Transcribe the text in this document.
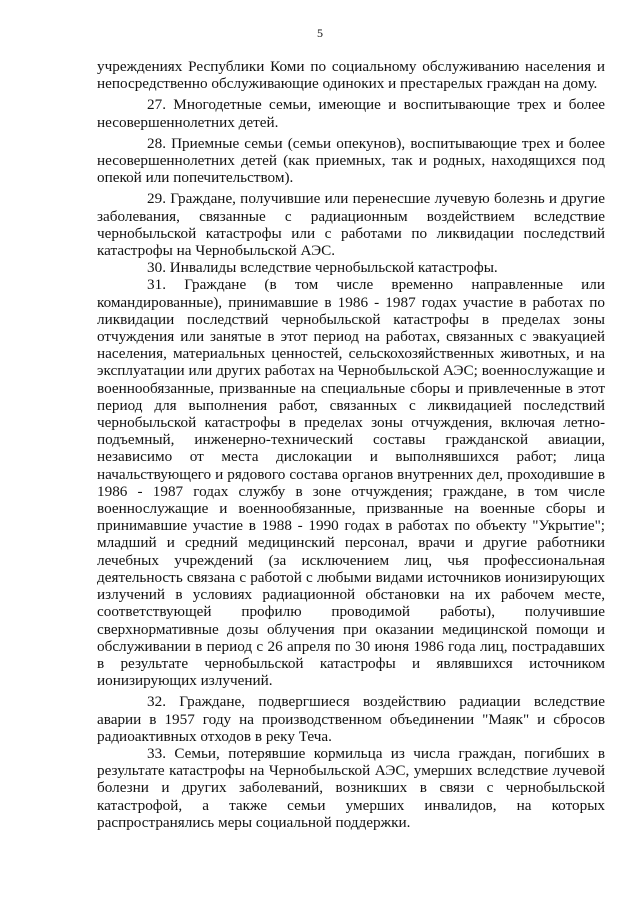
5

учреждениях Республики Коми по социальному обслуживанию населения и непосредственно обслуживающие одиноких и престарелых граждан на дому.

27. Многодетные семьи, имеющие и воспитывающие трех и более несовершеннолетних детей.

28. Приемные семьи (семьи опекунов), воспитывающие трех и более несовершеннолетних детей (как приемных, так и родных, находящихся под опекой или попечительством).

29. Граждане, получившие или перенесшие лучевую болезнь и другие заболевания, связанные с радиационным воздействием вследствие чернобыльской катастрофы или с работами по ликвидации последствий катастрофы на Чернобыльской АЭС.

30. Инвалиды вследствие чернобыльской катастрофы.

31. Граждане (в том числе временно направленные или командированные), принимавшие в 1986 - 1987 годах участие в работах по ликвидации последствий чернобыльской катастрофы в пределах зоны отчуждения или занятые в этот период на работах, связанных с эвакуацией населения, материальных ценностей, сельскохозяйственных животных, и на эксплуатации или других работах на Чернобыльской АЭС; военнослужащие и военнообязанные, призванные на специальные сборы и привлеченные в этот период для выполнения работ, связанных с ликвидацией последствий чернобыльской катастрофы в пределах зоны отчуждения, включая летно-подъемный, инженерно-технический составы гражданской авиации, независимо от места дислокации и выполнявшихся работ; лица начальствующего и рядового состава органов внутренних дел, проходившие в 1986 - 1987 годах службу в зоне отчуждения; граждане, в том числе военнослужащие и военнообязанные, призванные на военные сборы и принимавшие участие в 1988 - 1990 годах в работах по объекту "Укрытие"; младший и средний медицинский персонал, врачи и другие работники лечебных учреждений (за исключением лиц, чья профессиональная деятельность связана с работой с любыми видами источников ионизирующих излучений в условиях радиационной обстановки на их рабочем месте, соответствующей профилю проводимой работы), получившие сверхнормативные дозы облучения при оказании медицинской помощи и обслуживании в период с 26 апреля по 30 июня 1986 года лиц, пострадавших в результате чернобыльской катастрофы и являвшихся источником ионизирующих излучений.

32. Граждане, подвергшиеся воздействию радиации вследствие аварии в 1957 году на производственном объединении "Маяк" и сбросов радиоактивных отходов в реку Теча.

33. Семьи, потерявшие кормильца из числа граждан, погибших в результате катастрофы на Чернобыльской АЭС, умерших вследствие лучевой болезни и других заболеваний, возникших в связи с чернобыльской катастрофой, а также семьи умерших инвалидов, на которых распространялись меры социальной поддержки.
